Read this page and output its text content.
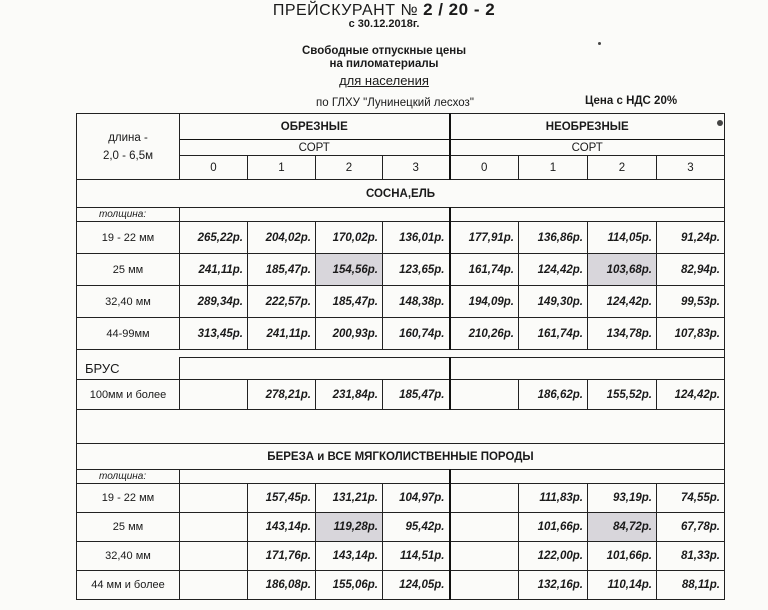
ПРЕЙСКУРАНТ № 2 / 20 - 2
с 30.12.2018г.
Свободные отпускные цены
на пиломатериалы
для населения
по ГЛХУ "Лунинецкий лесхоз"	Цена с НДС 20%
длина -
2,0 - 6,5м	ОБРЕЗНЫЕ				НЕОБРЕЗНЫЕ			
	СОРТ				СОРТ			
	0	1	2	3	0	1	2	3
СОСНА,ЕЛЬ								
толщина:								
19 - 22 мм	265,22р.	204,02р.	170,02р.	136,01р.	177,91р.	136,86р.	114,05р.	91,24р.
25 мм	241,11р.	185,47р.	154,56р.	123,65р.	161,74р.	124,42р.	103,68р.	82,94р.
32,40 мм	289,34р.	222,57р.	185,47р.	148,38р.	194,09р.	149,30р.	124,42р.	99,53р.
44-99мм	313,45р.	241,11р.	200,93р.	160,74р.	210,26р.	161,74р.	134,78р.	107,83р.

БРУС								
100мм и более		278,21р.	231,84р.	185,47р.		186,62р.	155,52р.	124,42р.

БЕРЕЗА и ВСЕ МЯГКОЛИСТВЕННЫЕ ПОРОДЫ								
толщина:								
19 - 22 мм		157,45р.	131,21р.	104,97р.		111,83р.	93,19р.	74,55р.
25 мм		143,14р.	119,28р.	95,42р.		101,66р.	84,72р.	67,78р.
32,40 мм		171,76р.	143,14р.	114,51р.		122,00р.	101,66р.	81,33р.
44 мм и более		186,08р.	155,06р.	124,05р.		132,16р.	110,14р.	88,11р.
